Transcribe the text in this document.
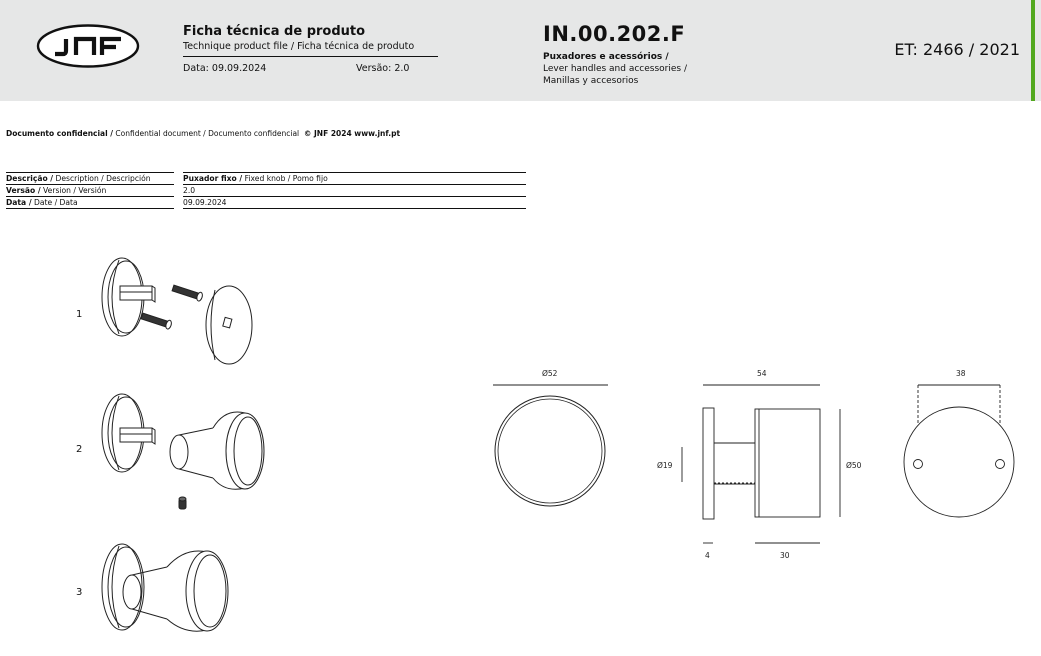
Ficha técnica de produto
Technique product file / Ficha técnica de produto
Data: 09.09.2024	Versão: 2.0
IN.00.202.F
Puxadores e acessórios /
Lever handles and accessories /
Manillas y accesorios
ET: 2466 / 2021
Documento confidencial / Confidential document / Documento confidencial © JNF 2024 www.jnf.pt
Descrição / Description / Descripción	Puxador fixo / Fixed knob / Pomo fijo
Versão / Version / Versión	2.0
Data / Date / Data	09.09.2024
1
2
3
Ø52	54
Ø19	Ø50
4	30
38
